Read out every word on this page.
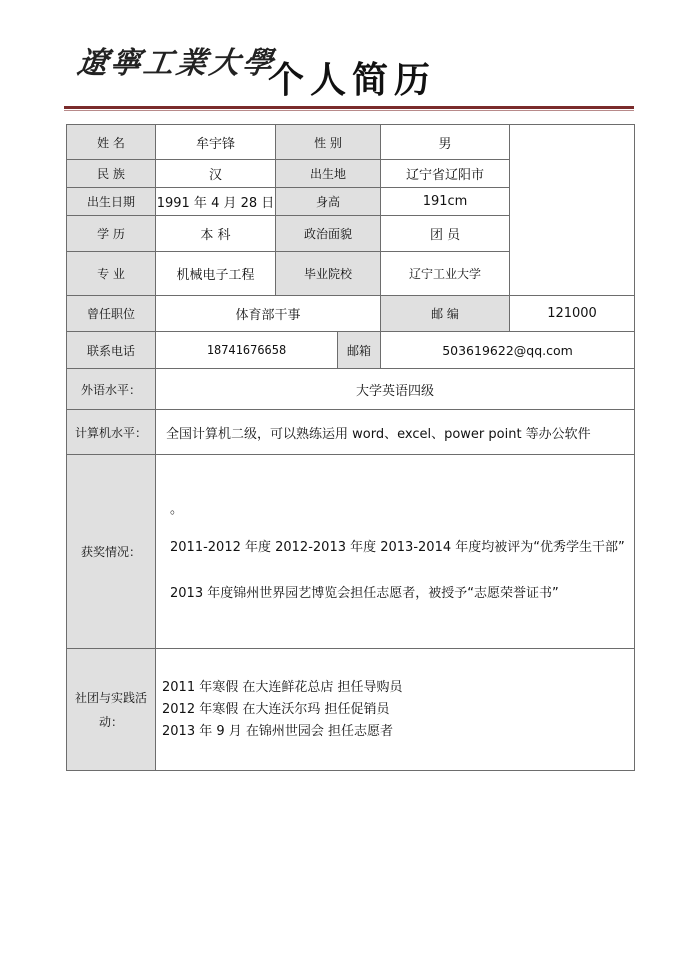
遼寧工業大學
个人简历
姓 名	牟宇锋	性 别		男	
民 族	汉	出生地		辽宁省辽阳市	
出生日期	1991 年 4 月 28 日	身高		191cm	
学 历	本 科	政治面貌		团 员	
专 业	机械电子工程	毕业院校		辽宁工业大学	
曾任职位	体育部干事			邮 编	121000
联系电话	18741676658		邮箱	503619622@qq.com	
外语水平：	大学英语四级				
计算机水平：	全国计算机二级，可以熟练运用 word、excel、power point 等办公软件				
获奖情况：	。
2011-2012 年度 2012-2013 年度 2013-2014 年度均被评为“优秀学生干部”
2013 年度锦州世界园艺博览会担任志愿者，被授予“志愿荣誉证书”				

社团与实践活动：	2011 年寒假 在大连鲜花总店 担任导购员
2012 年寒假 在大连沃尔玛 担任促销员
2013 年 9 月 在锦州世园会 担任志愿者				
